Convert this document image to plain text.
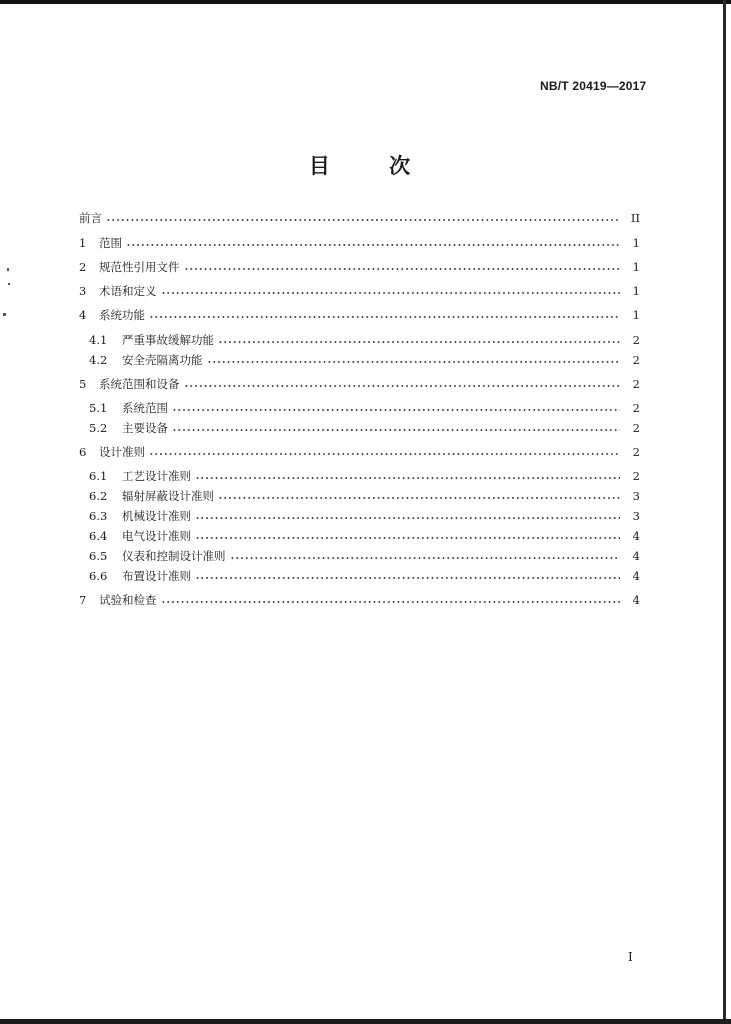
NB/T 20419—2017
目 次
前言	II
1	范围	1
2	规范性引用文件	1
3	术语和定义	1
4	系统功能	1
4.1	严重事故缓解功能	2
4.2	安全壳隔离功能	2
5	系统范围和设备	2
5.1	系统范围	2
5.2	主要设备	2
6	设计准则	2
6.1	工艺设计准则	2
6.2	辐射屏蔽设计准则	3
6.3	机械设计准则	3
6.4	电气设计准则	4
6.5	仪表和控制设计准则	4
6.6	布置设计准则	4
7	试验和检查	4
I
